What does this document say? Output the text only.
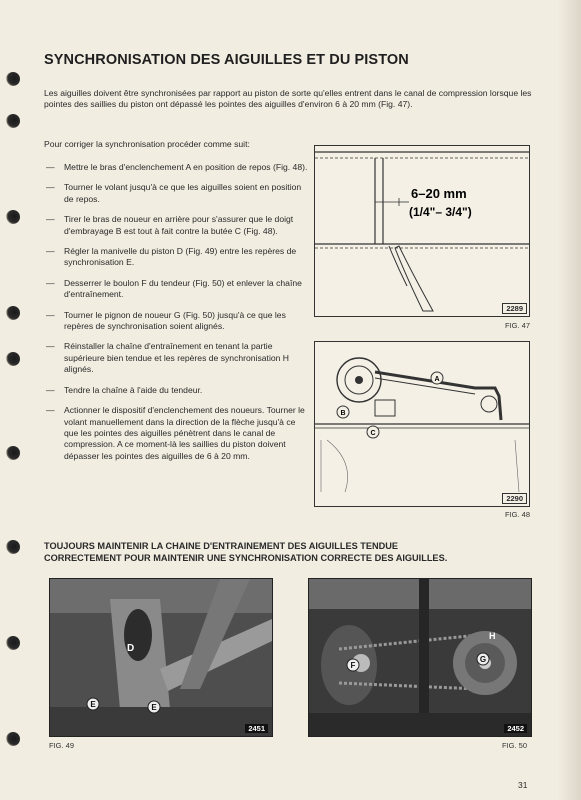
SYNCHRONISATION DES AIGUILLES ET DU PISTON

Les aiguilles doivent être synchronisées par rapport au piston de sorte qu'elles entrent dans le canal de compression lorsque les pointes des saillies du piston ont dépassé les pointes des aiguilles d'environ 6 à 20 mm (Fig. 47).

Pour corriger la synchronisation procéder comme suit:

— Mettre le bras d'enclenchement A en position de repos (Fig. 48).
— Tourner le volant jusqu'à ce que les aiguilles soient en position de repos.
— Tirer le bras de noueur en arrière pour s'assurer que le doigt d'embrayage B est tout à fait contre la butée C (Fig. 48).
— Régler la manivelle du piston D (Fig. 49) entre les repères de synchronisation E.
— Desserrer le boulon F du tendeur (Fig. 50) et enlever la chaîne d'entraînement.
— Tourner le pignon de noueur G (Fig. 50) jusqu'à ce que les repères de synchronisation soient alignés.
— Réinstaller la chaîne d'entraînement en tenant la partie supérieure bien tendue et les repères de synchronisation H alignés.
— Tendre la chaîne à l'aide du tendeur.
— Actionner le dispositif d'enclenchement des noueurs. Tourner le volant manuellement dans la direction de la flèche jusqu'à ce que les pointes des aiguilles pénètrent dans le canal de compression. A ce moment-là les saillies du piston doivent dépasser les pointes des aiguilles de 6 à 20 mm.
6–20 mm
(1/4"– 3/4")
2289
FIG. 47
A
B
C
2290
FIG. 48
TOUJOURS MAINTENIR LA CHAINE D'ENTRAINEMENT DES AIGUILLES TENDUE
CORRECTEMENT POUR MAINTENIR UNE SYNCHRONISATION CORRECTE DES AIGUILLES.
E	E
D
2451
FIG. 49
F
G
H
2452
FIG. 50
31
